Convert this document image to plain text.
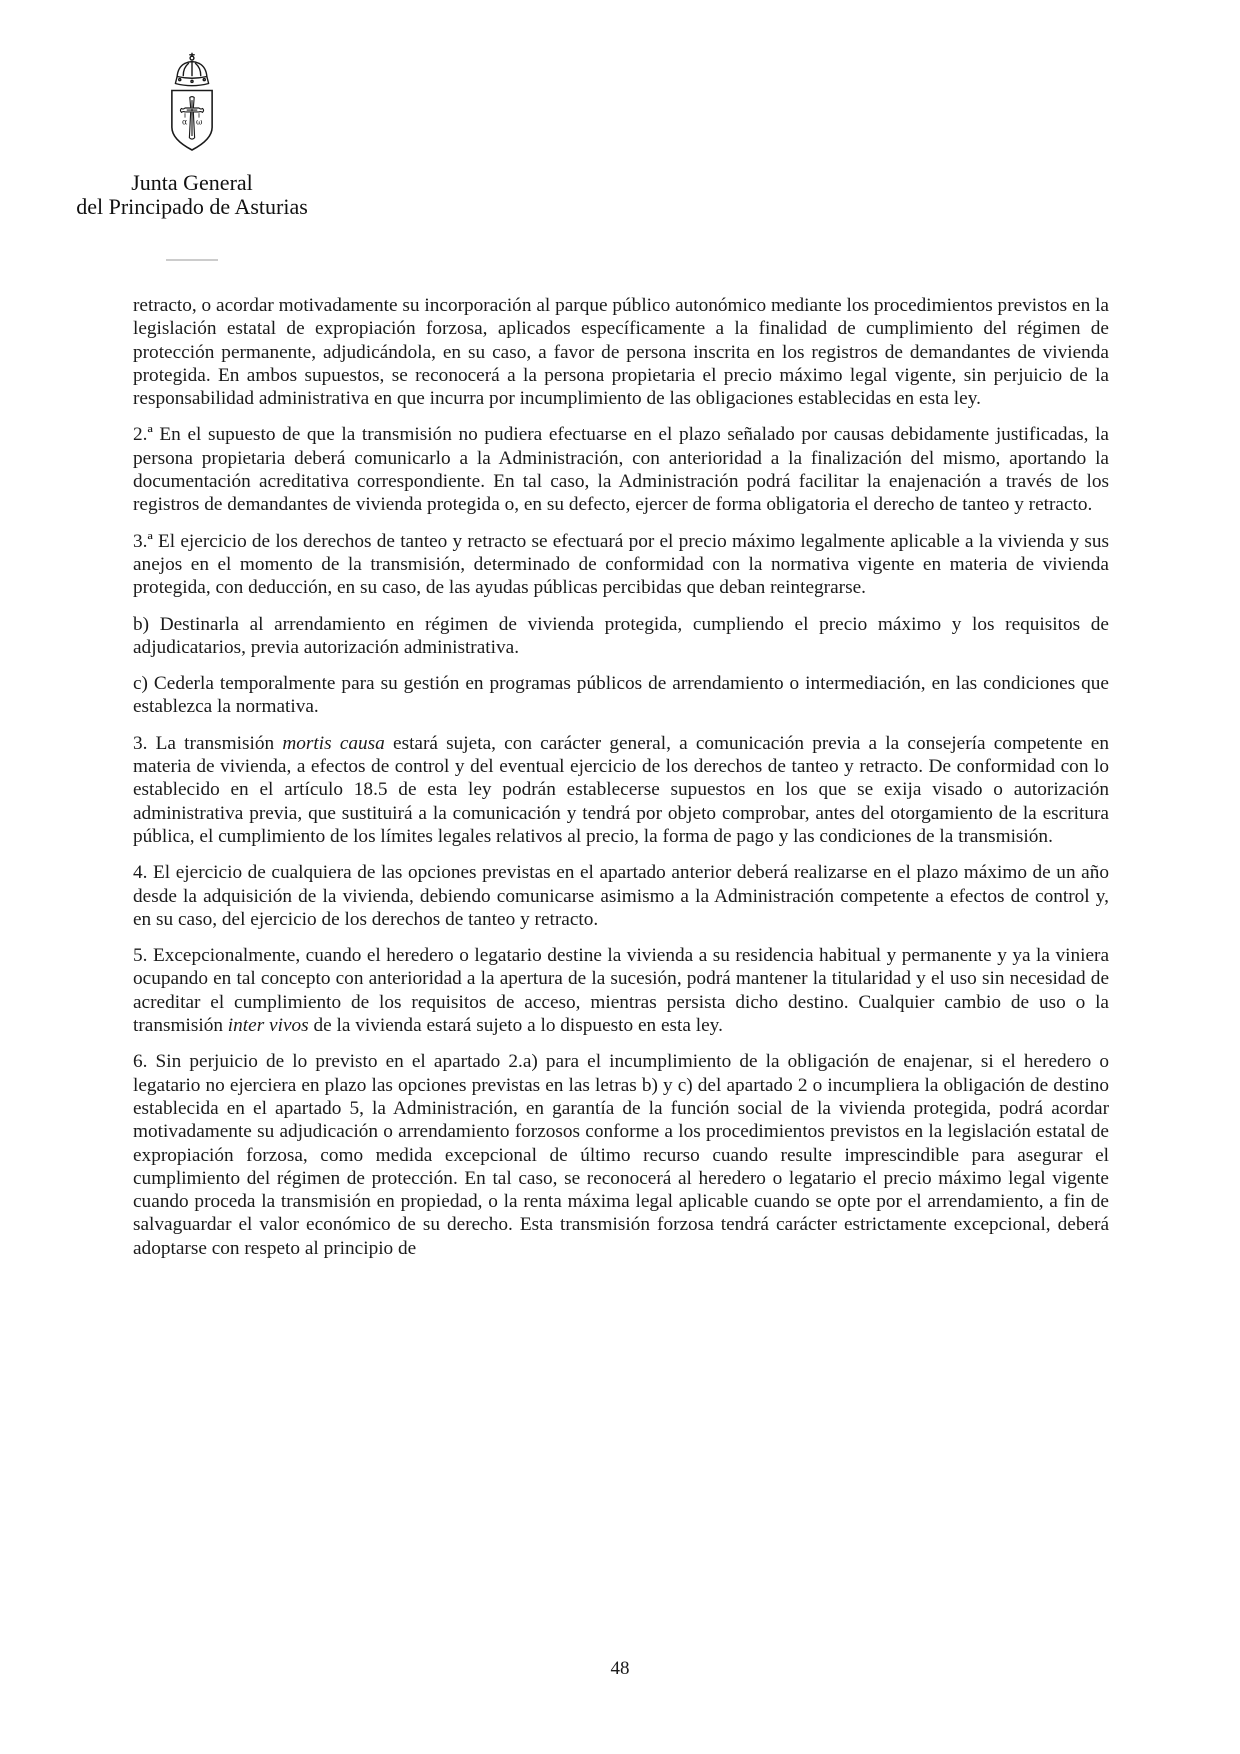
α ω
Junta General
del Principado de Asturias

retracto, o acordar motivadamente su incorporación al parque público autonómico mediante los procedimientos previstos en la legislación estatal de expropiación forzosa, aplicados específicamente a la finalidad de cumplimiento del régimen de protección permanente, adjudicándola, en su caso, a favor de persona inscrita en los registros de demandantes de vivienda protegida. En ambos supuestos, se reconocerá a la persona propietaria el precio máximo legal vigente, sin perjuicio de la responsabilidad administrativa en que incurra por incumplimiento de las obligaciones establecidas en esta ley.

2.ª En el supuesto de que la transmisión no pudiera efectuarse en el plazo señalado por causas debidamente justificadas, la persona propietaria deberá comunicarlo a la Administración, con anterioridad a la finalización del mismo, aportando la documentación acreditativa correspondiente. En tal caso, la Administración podrá facilitar la enajenación a través de los registros de demandantes de vivienda protegida o, en su defecto, ejercer de forma obligatoria el derecho de tanteo y retracto.

3.ª El ejercicio de los derechos de tanteo y retracto se efectuará por el precio máximo legalmente aplicable a la vivienda y sus anejos en el momento de la transmisión, determinado de conformidad con la normativa vigente en materia de vivienda protegida, con deducción, en su caso, de las ayudas públicas percibidas que deban reintegrarse.

b) Destinarla al arrendamiento en régimen de vivienda protegida, cumpliendo el precio máximo y los requisitos de adjudicatarios, previa autorización administrativa.

c) Cederla temporalmente para su gestión en programas públicos de arrendamiento o intermediación, en las condiciones que establezca la normativa.

3. La transmisión mortis causa estará sujeta, con carácter general, a comunicación previa a la consejería competente en materia de vivienda, a efectos de control y del eventual ejercicio de los derechos de tanteo y retracto. De conformidad con lo establecido en el artículo 18.5 de esta ley podrán establecerse supuestos en los que se exija visado o autorización administrativa previa, que sustituirá a la comunicación y tendrá por objeto comprobar, antes del otorgamiento de la escritura pública, el cumplimiento de los límites legales relativos al precio, la forma de pago y las condiciones de la transmisión.

4. El ejercicio de cualquiera de las opciones previstas en el apartado anterior deberá realizarse en el plazo máximo de un año desde la adquisición de la vivienda, debiendo comunicarse asimismo a la Administración competente a efectos de control y, en su caso, del ejercicio de los derechos de tanteo y retracto.

5. Excepcionalmente, cuando el heredero o legatario destine la vivienda a su residencia habitual y permanente y ya la viniera ocupando en tal concepto con anterioridad a la apertura de la sucesión, podrá mantener la titularidad y el uso sin necesidad de acreditar el cumplimiento de los requisitos de acceso, mientras persista dicho destino. Cualquier cambio de uso o la transmisión inter vivos de la vivienda estará sujeto a lo dispuesto en esta ley.

6. Sin perjuicio de lo previsto en el apartado 2.a) para el incumplimiento de la obligación de enajenar, si el heredero o legatario no ejerciera en plazo las opciones previstas en las letras b) y c) del apartado 2 o incumpliera la obligación de destino establecida en el apartado 5, la Administración, en garantía de la función social de la vivienda protegida, podrá acordar motivadamente su adjudicación o arrendamiento forzosos conforme a los procedimientos previstos en la legislación estatal de expropiación forzosa, como medida excepcional de último recurso cuando resulte imprescindible para asegurar el cumplimiento del régimen de protección. En tal caso, se reconocerá al heredero o legatario el precio máximo legal vigente cuando proceda la transmisión en propiedad, o la renta máxima legal aplicable cuando se opte por el arrendamiento, a fin de salvaguardar el valor económico de su derecho. Esta transmisión forzosa tendrá carácter estrictamente excepcional, deberá adoptarse con respeto al principio de

48
